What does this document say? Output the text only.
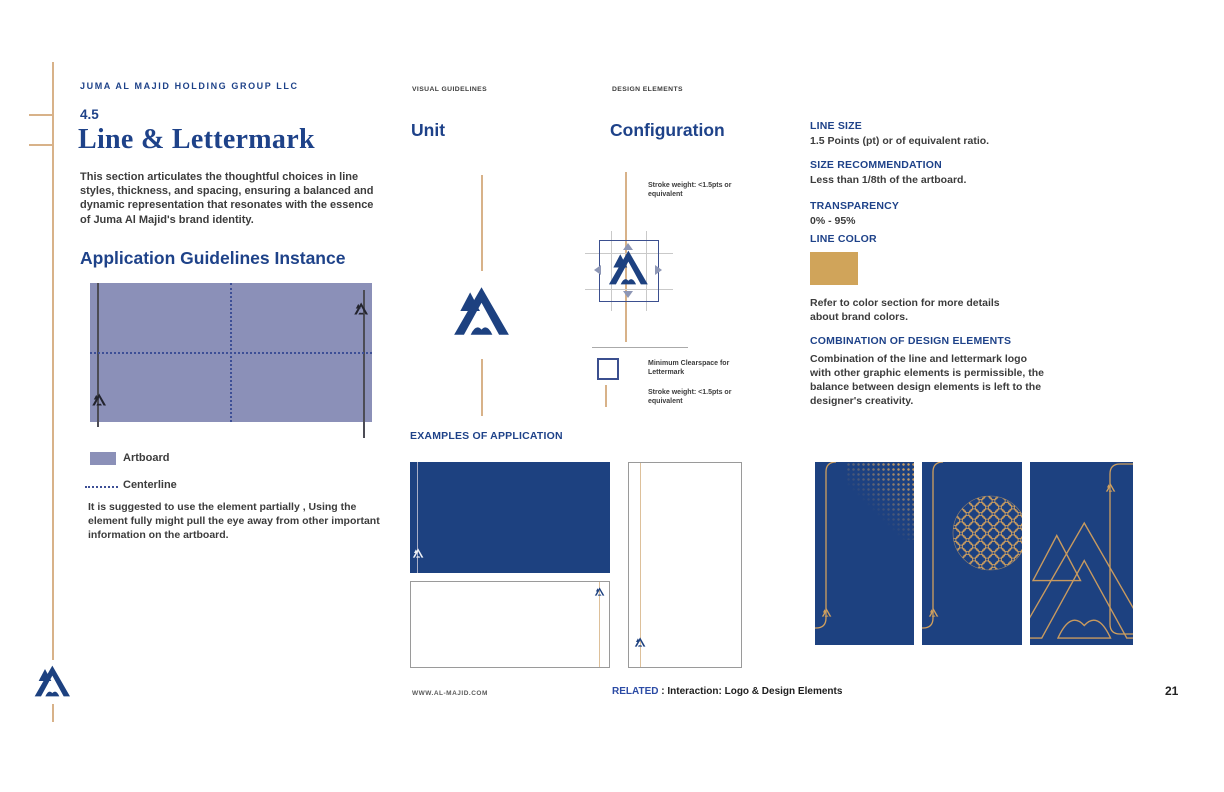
JUMA AL MAJID HOLDING GROUP LLC
4.5
Line & Lettermark
This section articulates the thoughtful choices in line styles, thickness, and spacing, ensuring a balanced and dynamic representation that resonates with the essence of Juma Al Majid's brand identity.
Application Guidelines Instance
Artboard
Centerline
It is suggested to use the element partially , Using the element fully might pull the eye away from other important information on the artboard.
VISUAL GUIDELINES
Unit
DESIGN ELEMENTS
Configuration
Stroke weight: <1.5pts or equivalent
Minimum Clearspace for Lettermark
Stroke weight: <1.5pts or equivalent
LINE SIZE
1.5 Points (pt) or of equivalent ratio.
SIZE RECOMMENDATION
Less than 1/8th of the artboard.
TRANSPARENCY
0% - 95%
LINE COLOR
Refer to color section for more details about brand colors.
COMBINATION OF DESIGN ELEMENTS
Combination of the line and lettermark logo with other graphic elements is permissible, the balance between design elements is left to the designer's creativity.
EXAMPLES OF APPLICATION
WWW.AL-MAJID.COM	RELATED : Interaction: Logo & Design Elements	21
